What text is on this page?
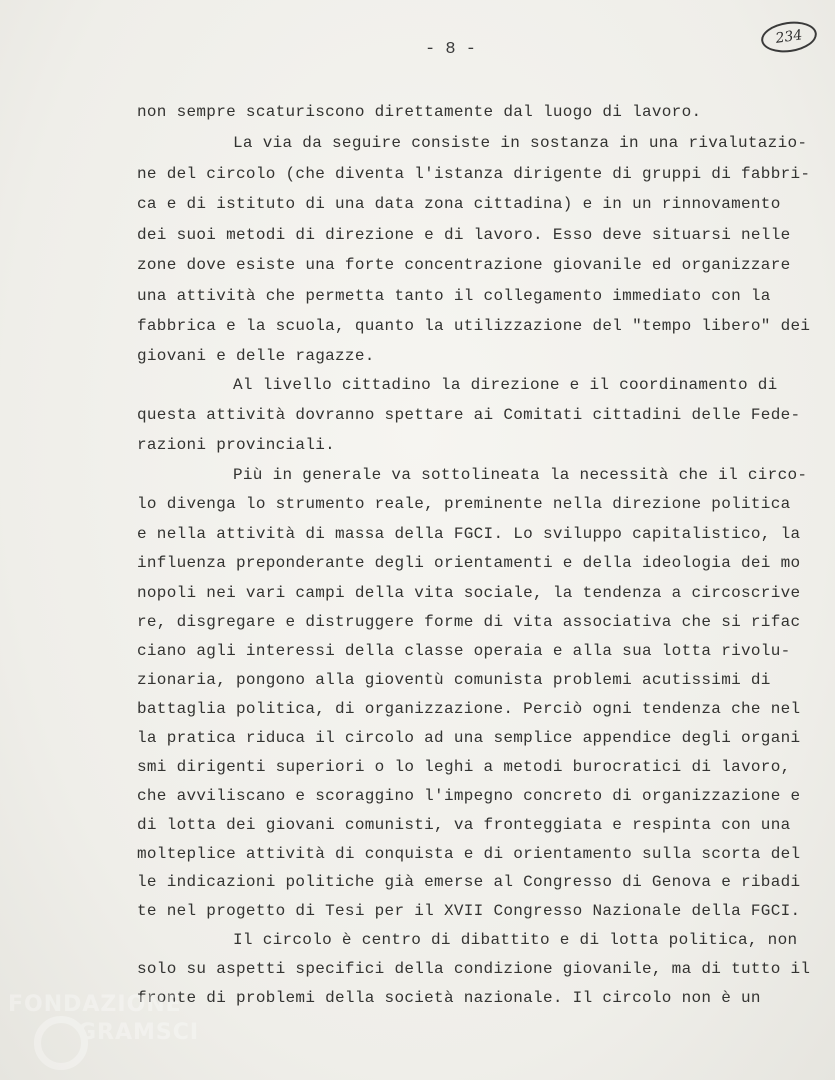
- 8 -
234
non sempre scaturiscono direttamente dal luogo di lavoro.
La via da seguire consiste in sostanza in una rivalutazio-
ne del circolo (che diventa l'istanza dirigente di gruppi di fabbri-
ca e di istituto di una data zona cittadina) e in un rinnovamento
dei suoi metodi di direzione e di lavoro. Esso deve situarsi nelle
zone dove esiste una forte concentrazione giovanile ed organizzare
una attività che permetta tanto il collegamento immediato con la
fabbrica e la scuola, quanto la utilizzazione del "tempo libero" dei
giovani e delle ragazze.
Al livello cittadino la direzione e il coordinamento di
questa attività dovranno spettare ai Comitati cittadini delle Fede-
razioni provinciali.
Più in generale va sottolineata la necessità che il circo-
lo divenga lo strumento reale, preminente nella direzione politica
e nella attività di massa della FGCI. Lo sviluppo capitalistico, la
influenza preponderante degli orientamenti e della ideologia dei mo
nopoli nei vari campi della vita sociale, la tendenza a circoscrive
re, disgregare e distruggere forme di vita associativa che si rifac
ciano agli interessi della classe operaia e alla sua lotta rivolu-
zionaria, pongono alla gioventù comunista problemi acutissimi di
battaglia politica, di organizzazione. Perciò ogni tendenza che nel
la pratica riduca il circolo ad una semplice appendice degli organi
smi dirigenti superiori o lo leghi a metodi burocratici di lavoro,
che avviliscano e scoraggino l'impegno concreto di organizzazione e
di lotta dei giovani comunisti, va fronteggiata e respinta con una
molteplice attività di conquista e di orientamento sulla scorta del
le indicazioni politiche già emerse al Congresso di Genova e ribadi
te nel progetto di Tesi per il XVII Congresso Nazionale della FGCI.
Il circolo è centro di dibattito e di lotta politica, non
solo su aspetti specifici della condizione giovanile, ma di tutto il
fronte di problemi della società nazionale. Il circolo non è un
FONDAZIONE
GRAMSCI
